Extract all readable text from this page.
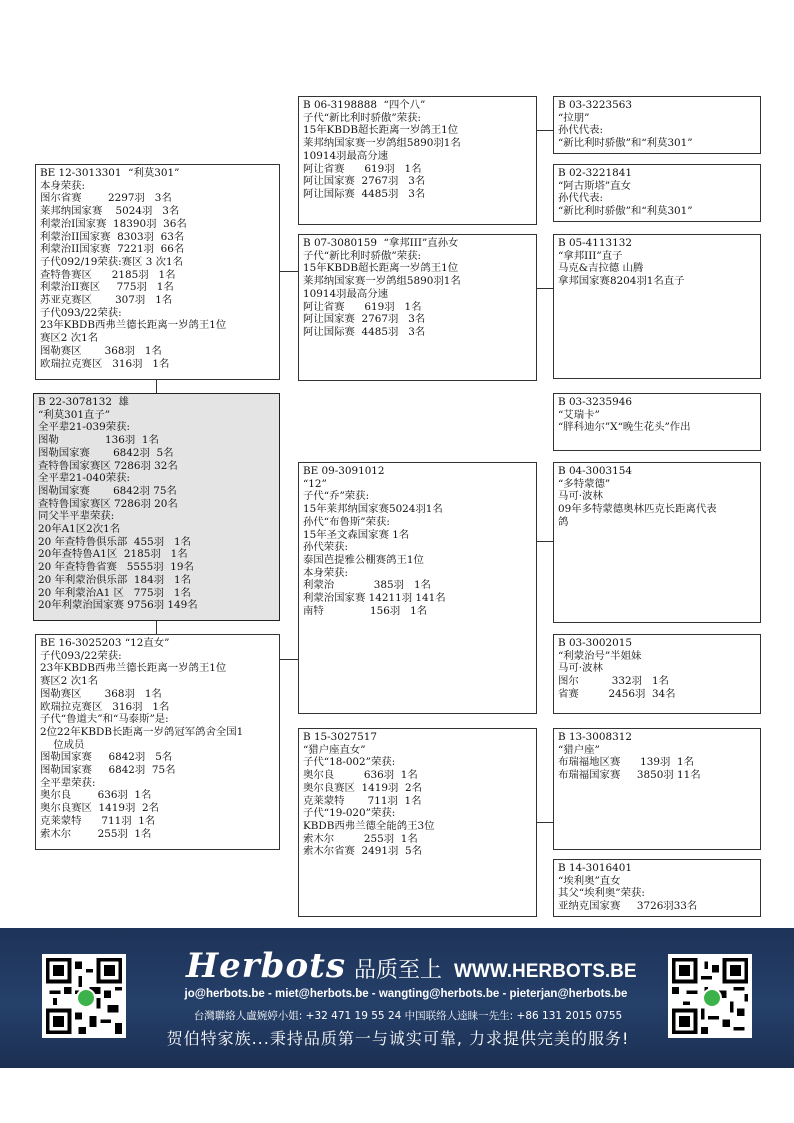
BE 12-3013301  “利莫301”
本身荣获:
图尔省赛        2297羽   3名
莱邦纳国家赛    5024羽   3名
利蒙治I国家赛  18390羽  36名
利蒙治II国家赛  8303羽  63名
利蒙治II国家赛  7221羽  66名
子代092/19荣获:赛区 3 次1名
查特鲁赛区      2185羽   1名
利蒙治II赛区     775羽   1名
苏亚克赛区       307羽   1名
子代093/22荣获:
23年KBDB西弗兰德长距离一岁鸽王1位
赛区2 次1名
图勒赛区       368羽   1名
欧瑞拉克赛区   316羽   1名
B 22-3078132  雄
“利莫301直子”
全平辈21-039荣获:
图勒              136羽  1名
图勒国家赛       6842羽  5名
查特鲁国家赛区 7286羽 32名
全平辈21-040荣获:
图勒国家赛       6842羽 75名
查特鲁国家赛区 7286羽 20名
同父半平辈荣获:
20年A1区2次1名
20 年查特鲁俱乐部  455羽   1名
20年查特鲁A1区  2185羽   1名
20 年查特鲁省赛   5555羽  19名
20 年利蒙治俱乐部  184羽   1名
20 年利蒙治A1 区   775羽   1名
20年利蒙治国家赛 9756羽 149名
BE 16-3025203 “12直女”
子代093/22荣获:
23年KBDB西弗兰德长距离一岁鸽王1位
赛区2 次1名
图勒赛区       368羽   1名
欧瑞拉克赛区   316羽   1名
子代“鲁道夫”和“马泰斯”是:
2位22年KBDB长距离一岁鸽冠军鸽舍全国1
位成员
图勒国家赛     6842羽   5名
图勒国家赛     6842羽  75名
全平辈荣获:
奥尔良        636羽  1名
奥尔良赛区  1419羽  2名
克莱蒙特      711羽  1名
索木尔        255羽  1名
B 06-3198888  “四个八”
子代“新比利时骄傲”荣获:
15年KBDB超长距离一岁鸽王1位
莱邦纳国家赛一岁鸽组5890羽1名
10914羽最高分速
阿让省赛      619羽   1名
阿让国家赛  2767羽   3名
阿让国际赛  4485羽   3名
B 07-3080159  “拿邦III”直孙女
子代“新比利时骄傲”荣获:
15年KBDB超长距离一岁鸽王1位
莱邦纳国家赛一岁鸽组5890羽1名
10914羽最高分速
阿让省赛      619羽   1名
阿让国家赛  2767羽   3名
阿让国际赛  4485羽   3名
BE 09-3091012
“12”
子代“乔”荣获:
15年莱邦纳国家赛5024羽1名
孙代“布鲁斯”荣获:
15年圣文森国家赛 1名
孙代荣获:
泰国芭提雅公棚赛鸽王1位
本身荣获:
利蒙治            385羽   1名
利蒙治国家赛 14211羽 141名
南特              156羽   1名
B 15-3027517
“猎户座直女”
子代“18-002”荣获:
奥尔良         636羽  1名
奥尔良赛区  1419羽  2名
克莱蒙特       711羽  1名
子代“19-020”荣获:
KBDB西弗兰德全能鸽王3位
索木尔         255羽  1名
索木尔省赛  2491羽  5名
B 03-3223563
“拉朋”
孙代代表:
“新比利时骄傲”和“利莫301”
B 02-3221841
“阿古斯塔”直女
孙代代表:
“新比利时骄傲”和“利莫301”
B 05-4113132
“拿邦III”直子
马克&吉拉德 山腾
拿邦国家赛8204羽1名直子
B 03-3235946
“艾瑞卡”
“胖科迪尔”X“晚生花头”作出
B 04-3003154
“多特蒙德”
马可·波林
09年多特蒙德奥林匹克长距离代表
鸽
B 03-3002015
“利蒙治号”半姐妹
马可·波林
图尔          332羽   1名
省赛         2456羽  34名
B 13-3008312
“猎户座”
布瑞福地区赛      139羽  1名
布瑞福国家赛     3850羽 11名
B 14-3016401
“埃利奥”直女
其父“埃利奥”荣获:
亚纳克国家赛     3726羽33名
Herbots 品质至上 WWW.HERBOTS.BE
jo@herbots.be - miet@herbots.be - wangting@herbots.be - pieterjan@herbots.be
台灣聯絡人盧婉婷小姐: +32 471 19 55 24 中国联络人逵睐一先生: +86 131 2015 0755
贺伯特家族...秉持品质第一与诚实可靠, 力求提供完美的服务!
